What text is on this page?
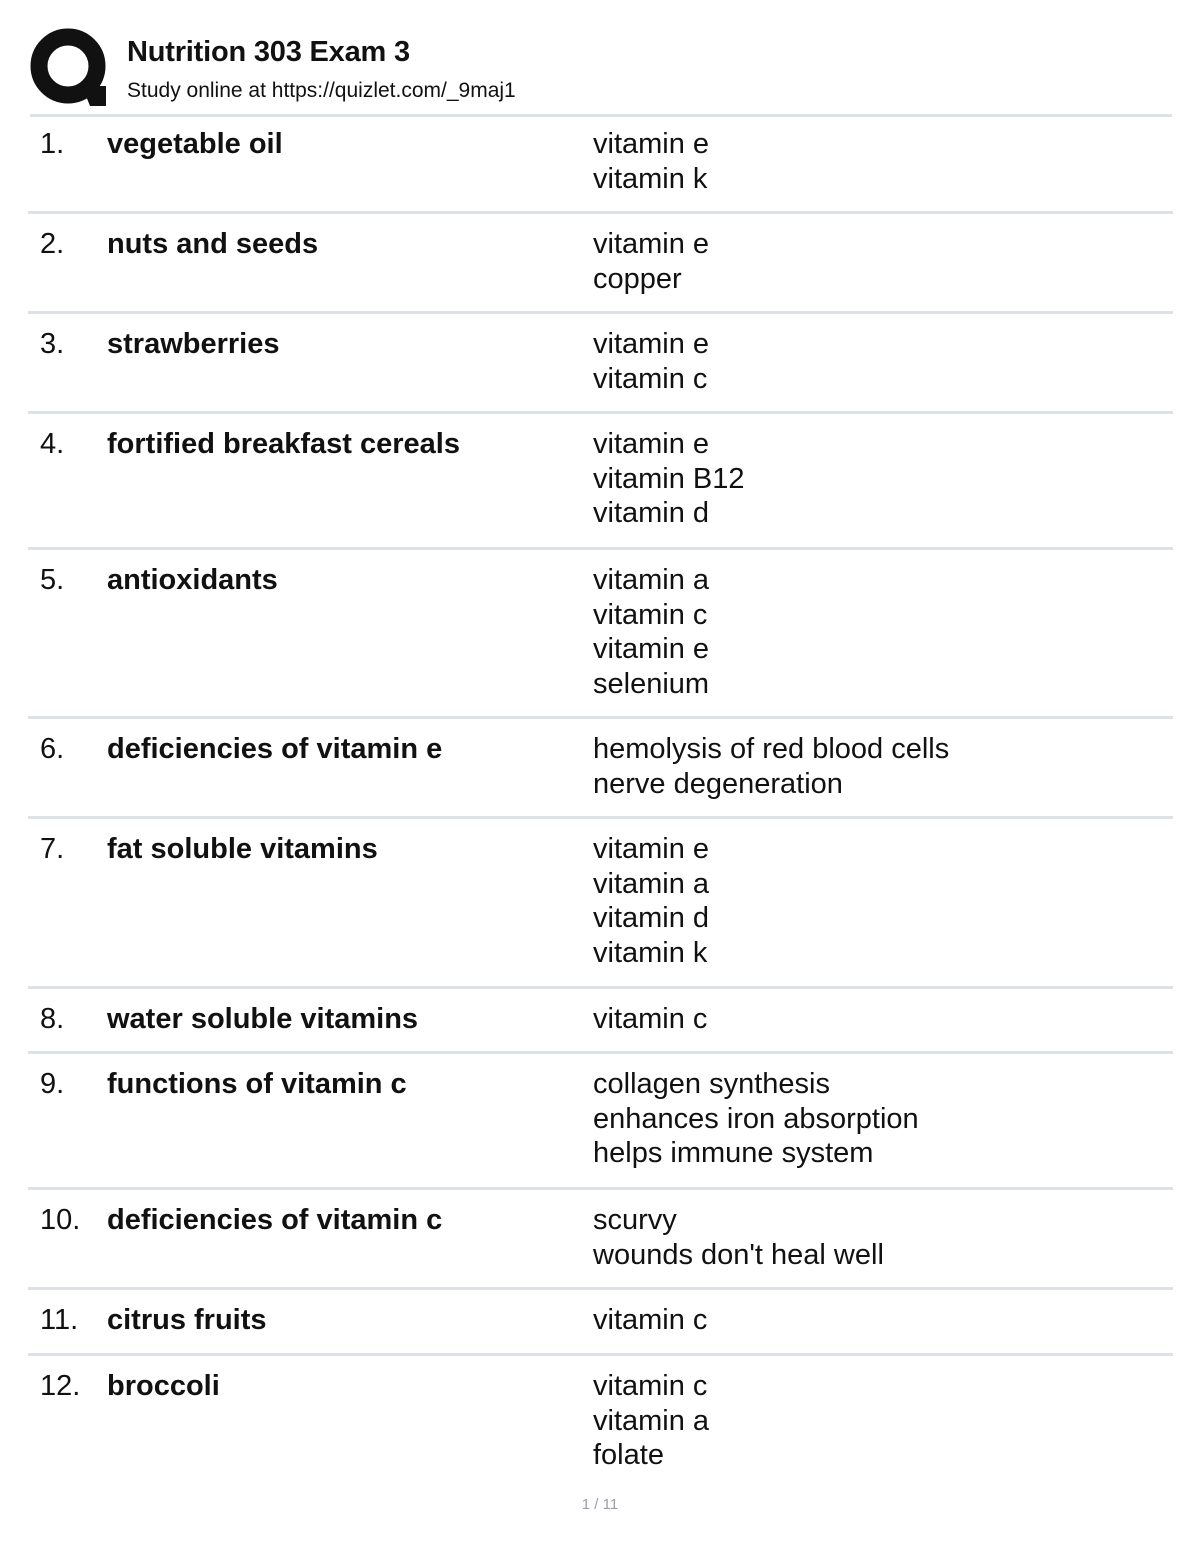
Nutrition 303 Exam 3
Study online at https://quizlet.com/_9maj1
1. vegetable oil	vitamin e
vitamin k
2. nuts and seeds	vitamin e
copper
3. strawberries	vitamin e
vitamin c
4. fortified breakfast cereals	vitamin e
vitamin B12
vitamin d
5. antioxidants	vitamin a
vitamin c
vitamin e
selenium
6. deficiencies of vitamin e	hemolysis of red blood cells
nerve degeneration
7. fat soluble vitamins	vitamin e
vitamin a
vitamin d
vitamin k
8. water soluble vitamins	vitamin c
9. functions of vitamin c	collagen synthesis
enhances iron absorption
helps immune system
10. deficiencies of vitamin c	scurvy
wounds don't heal well
11. citrus fruits	vitamin c
12. broccoli	vitamin c
vitamin a
folate
1 / 11
